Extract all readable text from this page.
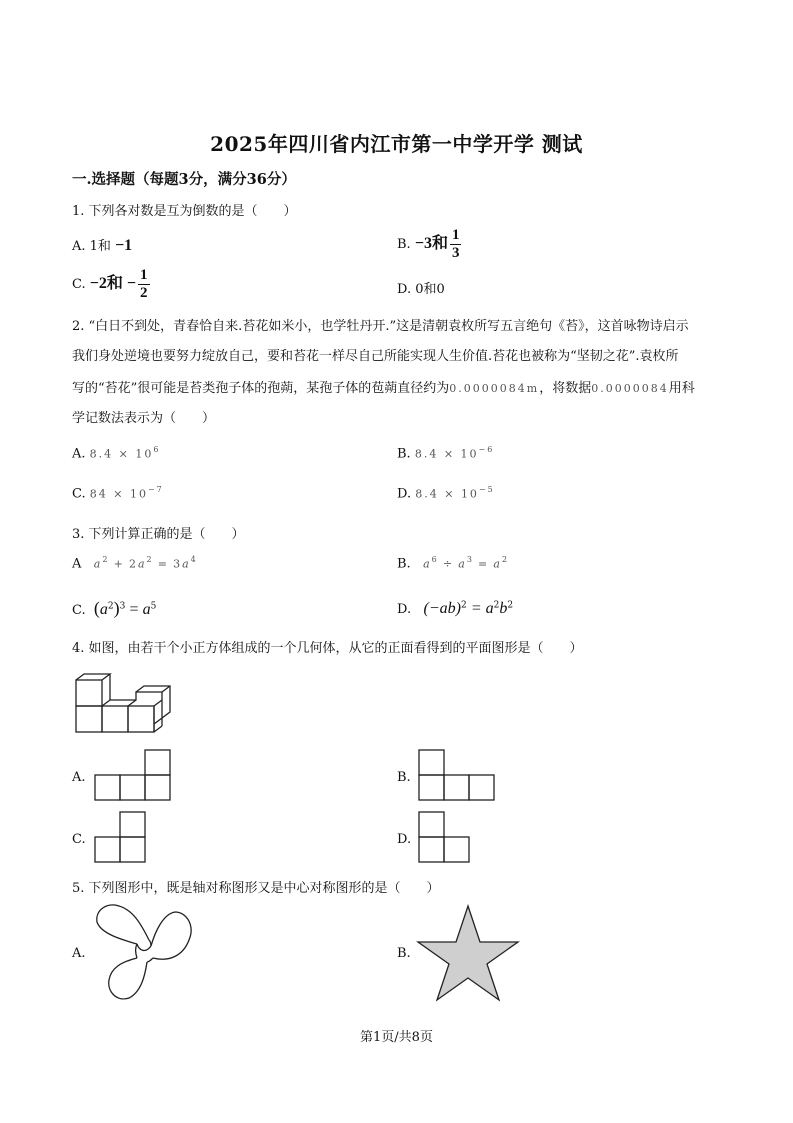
2025年四川省内江市第一中学开学 测试
一.选择题（每题3分，满分36分）
1. 下列各对数是互为倒数的是（　　）
A. 1和 −1	B. −3和 $\frac{1}{3}$
C. −2和 − $\frac{1}{2}$	D. 0和0
2. “白日不到处，青春恰自来.苔花如米小，也学牡丹开.”这是清朝袁枚所写五言绝句《苔》，这首咏物诗启示
我们身处逆境也要努力绽放自己，要和苔花一样尽自己所能实现人生价值.苔花也被称为“坚韧之花”.袁枚所
写的“苔花”很可能是苔类孢子体的孢蒴，某孢子体的苞蒴直径约为0.0000084m，将数据0.0000084用科
学记数法表示为（　　）
A. $8.4 \times 10^6$	B. $8.4 \times 10^{-6}$
C. $84 \times 10^{-7}$	D. $8.4 \times 10^{-5}$
3. 下列计算正确的是（　　）
A $a^2 + 2a^2 = 3a^4$	B. $a^6 \div a^3 = a^2$
C. $(a^2)^3 = a^5$	D. $(-ab)^2 = a^2b^2$
4. 如图，由若干个小正方体组成的一个几何体，从它的正面看得到的平面图形是（　　）
A.	B.
C.	D.
5. 下列图形中，既是轴对称图形又是中心对称图形的是（　　）
A.	B.
第1页/共8页
